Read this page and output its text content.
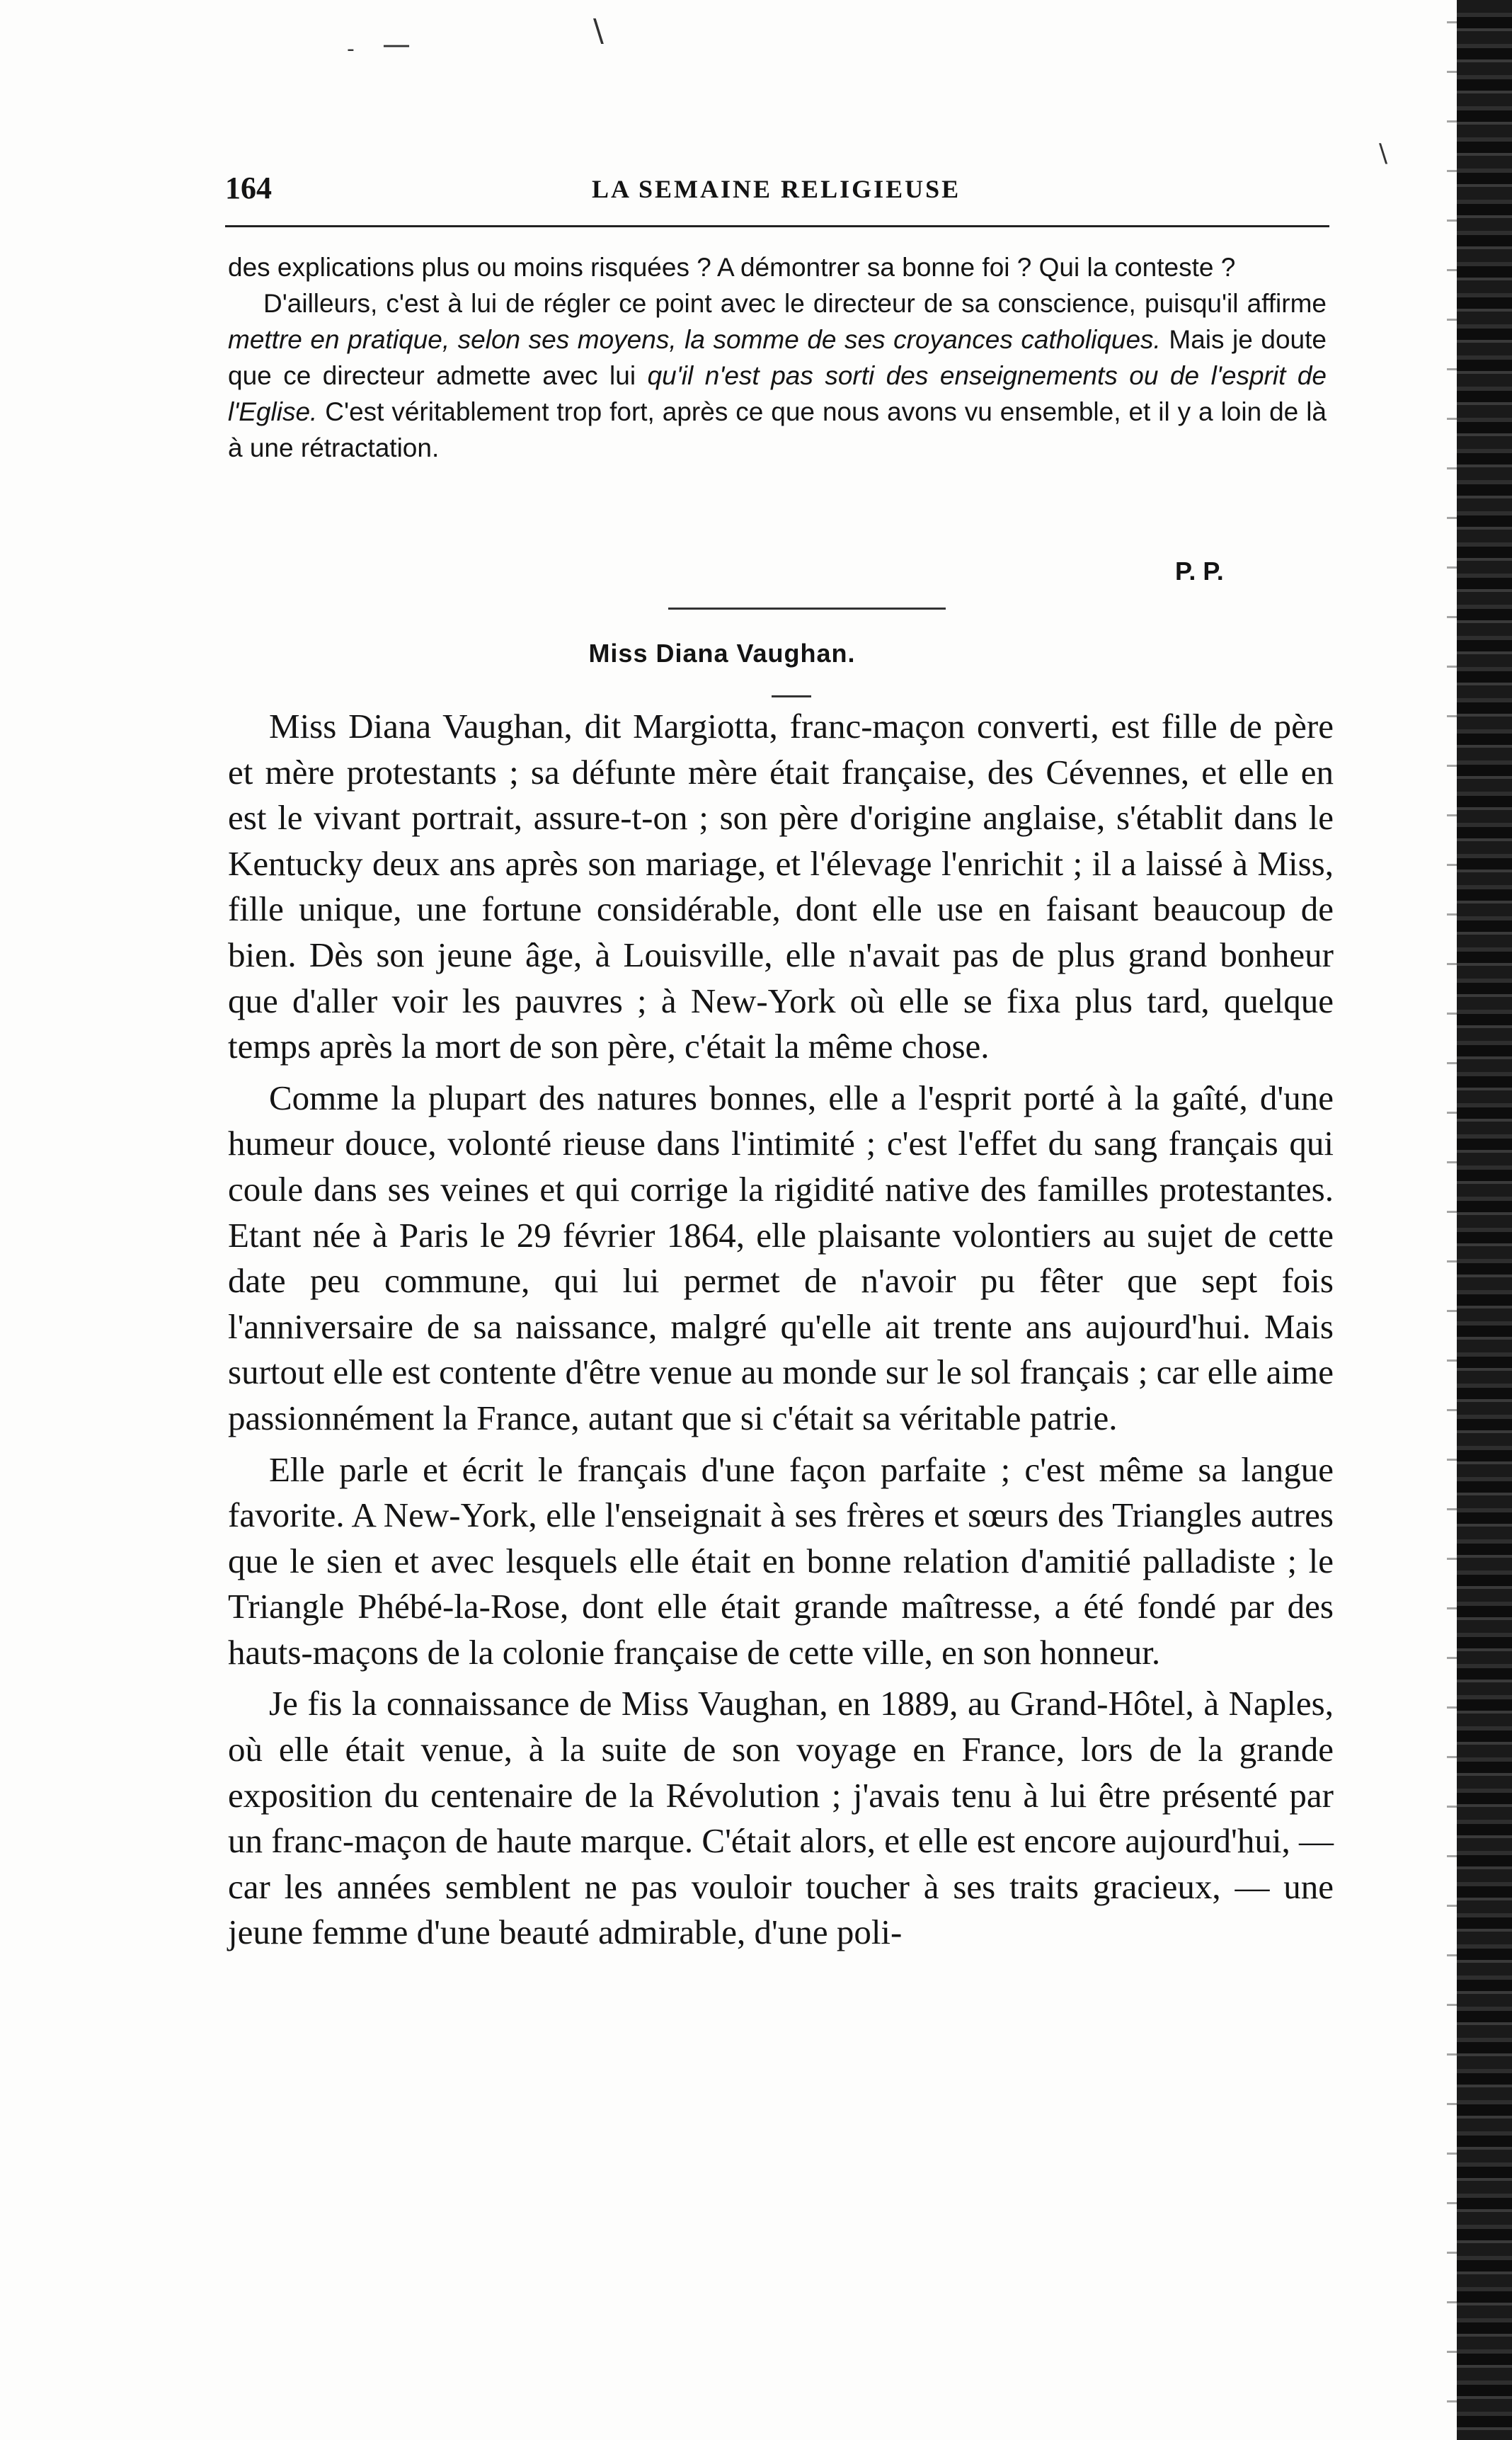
- —	\
\
164	LA SEMAINE RELIGIEUSE

des explications plus ou moins risquées ? A démontrer sa bonne foi ? Qui la conteste ?

D'ailleurs, c'est à lui de régler ce point avec le directeur de sa conscience, puisqu'il affirme mettre en pratique, selon ses moyens, la somme de ses croyances catholiques. Mais je doute que ce directeur admette avec lui qu'il n'est pas sorti des enseignements ou de l'esprit de l'Eglise. C'est véritablement trop fort, après ce que nous avons vu ensemble, et il y a loin de là à une rétractation.

P. P.
Miss Diana Vaughan.

Miss Diana Vaughan, dit Margiotta, franc-maçon converti, est fille de père et mère protestants ; sa défunte mère était française, des Cévennes, et elle en est le vivant portrait, assure-t-on ; son père d'origine anglaise, s'établit dans le Kentucky deux ans après son mariage, et l'élevage l'enrichit ; il a laissé à Miss, fille unique, une fortune considérable, dont elle use en faisant beaucoup de bien. Dès son jeune âge, à Louisville, elle n'avait pas de plus grand bonheur que d'aller voir les pauvres ; à New-York où elle se fixa plus tard, quelque temps après la mort de son père, c'était la même chose.

Comme la plupart des natures bonnes, elle a l'esprit porté à la gaîté, d'une humeur douce, volonté rieuse dans l'intimité ; c'est l'effet du sang français qui coule dans ses veines et qui corrige la rigidité native des familles protestantes. Etant née à Paris le 29 février 1864, elle plaisante volontiers au sujet de cette date peu commune, qui lui permet de n'avoir pu fêter que sept fois l'anniversaire de sa naissance, malgré qu'elle ait trente ans aujourd'hui. Mais surtout elle est contente d'être venue au monde sur le sol français ; car elle aime passionnément la France, autant que si c'était sa véritable patrie.

Elle parle et écrit le français d'une façon parfaite ; c'est même sa langue favorite. A New-York, elle l'enseignait à ses frères et sœurs des Triangles autres que le sien et avec lesquels elle était en bonne relation d'amitié palladiste ; le Triangle Phébé-la-Rose, dont elle était grande maîtresse, a été fondé par des hauts-maçons de la colonie française de cette ville, en son honneur.

Je fis la connaissance de Miss Vaughan, en 1889, au Grand-Hôtel, à Naples, où elle était venue, à la suite de son voyage en France, lors de la grande exposition du centenaire de la Révolution ; j'avais tenu à lui être présenté par un franc-maçon de haute marque. C'était alors, et elle est encore aujourd'hui, — car les années semblent ne pas vouloir toucher à ses traits gracieux, — une jeune femme d'une beauté admirable, d'une poli-
